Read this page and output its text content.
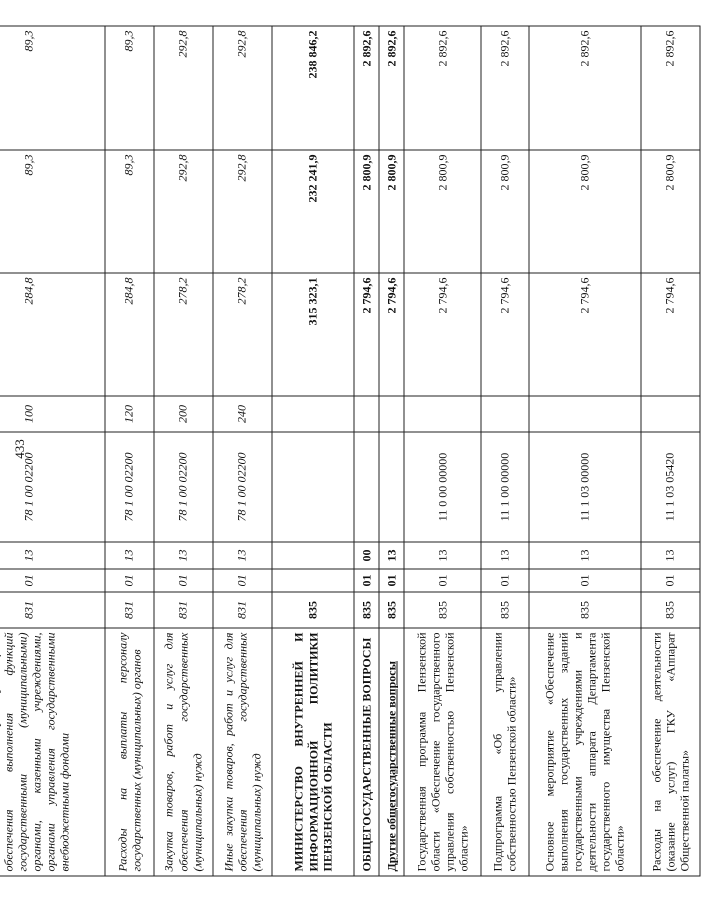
433

обеспечения выполнения функций государственными (муниципальными) органами, казенными учреждениями, органами управления государственными внебюджетными фондами	831	01	13	78 1 00 02200	100	284,8	89,3	89,3
Расходы на выплаты персоналу государственных (муниципальных) органов	831	01	13	78 1 00 02200	120	284,8	89,3	89,3
Закупка товаров, работ и услуг для обеспечения государственных (муниципальных) нужд	831	01	13	78 1 00 02200	200	278,2	292,8	292,8
Иные закупки товаров, работ и услуг для обеспечения государственных (муниципальных) нужд	831	01	13	78 1 00 02200	240	278,2	292,8	292,8
МИНИСТЕРСТВО ВНУТРЕННЕЙ И ИНФОРМАЦИОННОЙ ПОЛИТИКИ ПЕНЗЕНСКОЙ ОБЛАСТИ	835					315 323,1	232 241,9	238 846,2
ОБЩЕГОСУДАРСТВЕННЫЕ ВОПРОСЫ	835	01	00			2 794,6	2 800,9	2 892,6
Другие общегосударственные вопросы	835	01	13			2 794,6	2 800,9	2 892,6
Государственная программа Пензенской области «Обеспечение государственного управления собственностью Пензенской области»	835	01	13	11 0 00 00000		2 794,6	2 800,9	2 892,6
Подпрограмма «Об управлении собственностью Пензенской области»	835	01	13	11 1 00 00000		2 794,6	2 800,9	2 892,6
Основное мероприятие «Обеспечение выполнения государственных заданий государственными учреждениями и деятельности аппарата Департамента государственного имущества Пензенской области»	835	01	13	11 1 03 00000		2 794,6	2 800,9	2 892,6
Расходы на обеспечение деятельности (оказание услуг) ГКУ «Аппарат Общественной палаты»	835	01	13	11 1 03 05420		2 794,6	2 800,9	2 892,6
